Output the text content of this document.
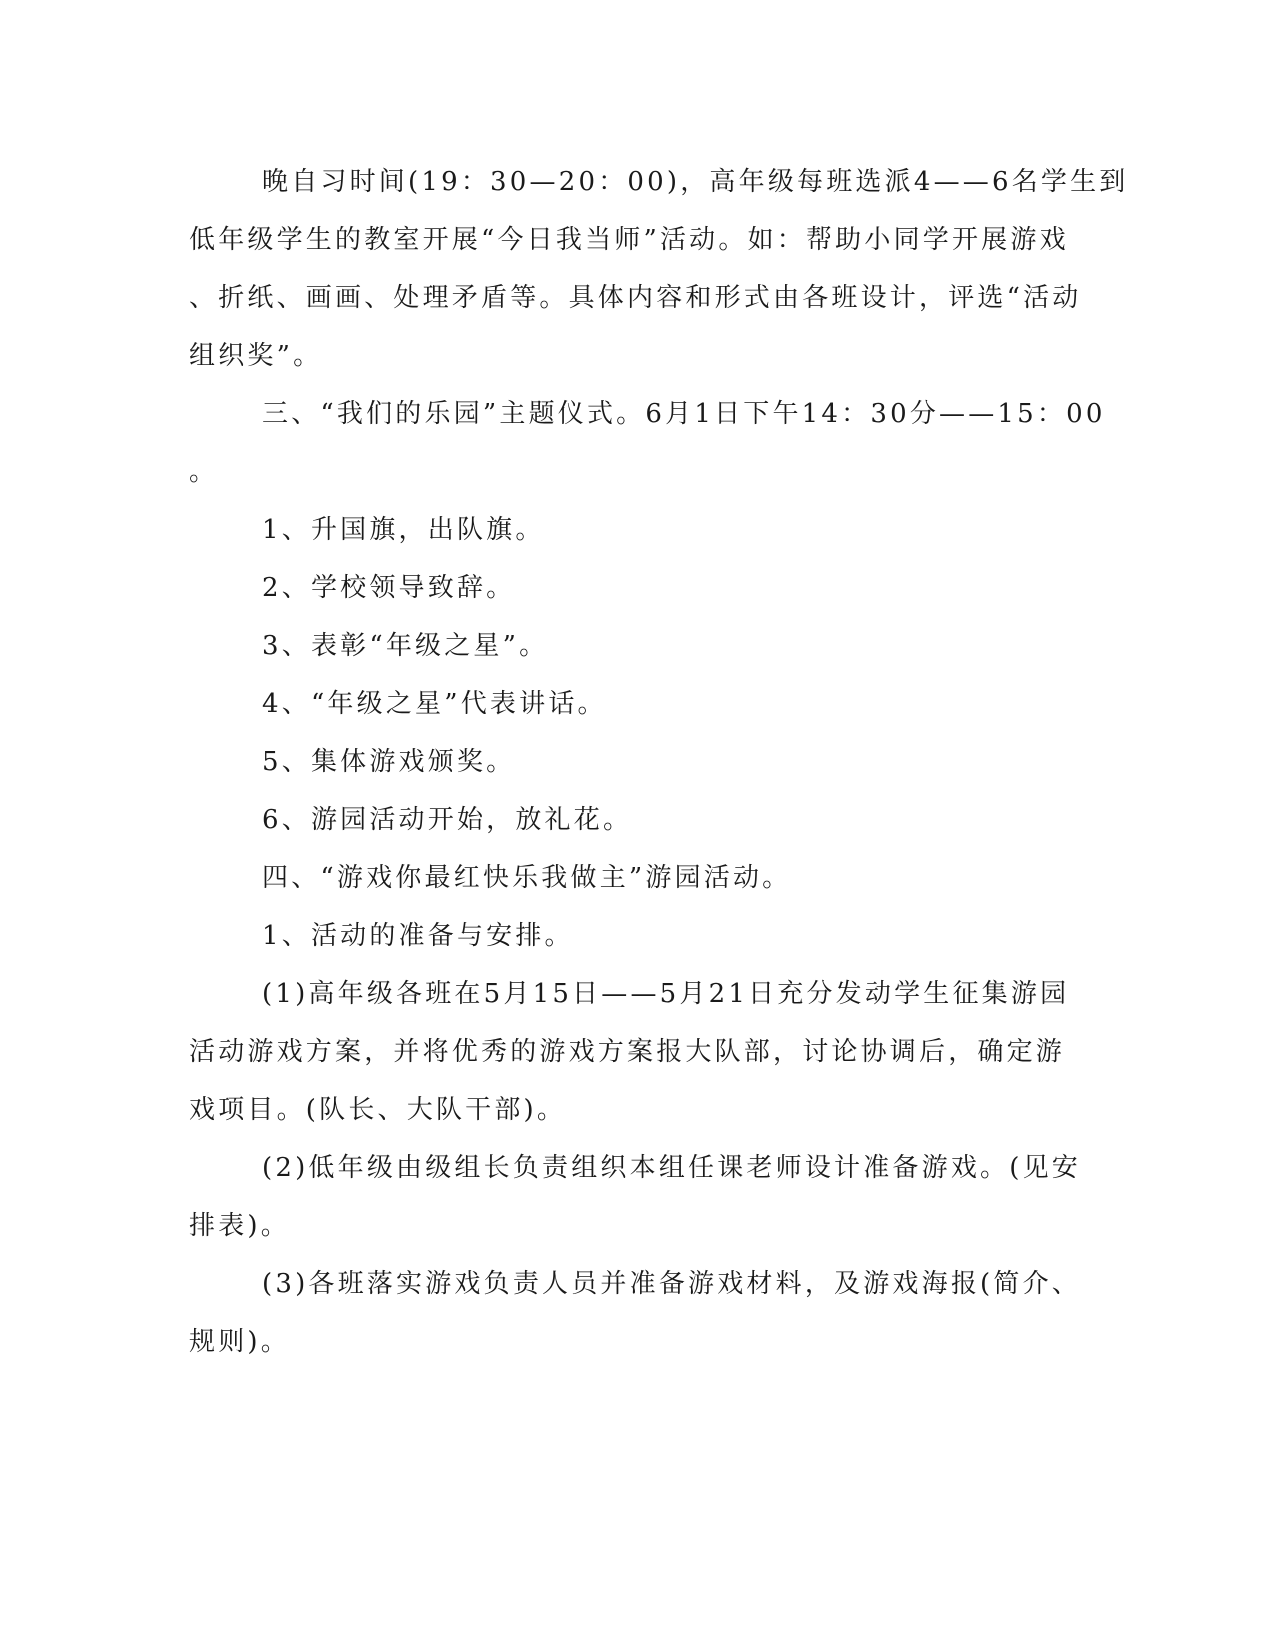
晚自习时间(19：30—20：00)，高年级每班选派4——6名学生到
低年级学生的教室开展“今日我当师”活动。如：帮助小同学开展游戏
、折纸、画画、处理矛盾等。具体内容和形式由各班设计，评选“活动
组织奖”。
三、“我们的乐园”主题仪式。6月1日下午14：30分——15：00
。
1、升国旗，出队旗。
2、学校领导致辞。
3、表彰“年级之星”。
4、“年级之星”代表讲话。
5、集体游戏颁奖。
6、游园活动开始，放礼花。
四、“游戏你最红快乐我做主”游园活动。
1、活动的准备与安排。
(1)高年级各班在5月15日——5月21日充分发动学生征集游园
活动游戏方案，并将优秀的游戏方案报大队部，讨论协调后，确定游
戏项目。(队长、大队干部)。
(2)低年级由级组长负责组织本组任课老师设计准备游戏。(见安
排表)。
(3)各班落实游戏负责人员并准备游戏材料，及游戏海报(简介、
规则)。
